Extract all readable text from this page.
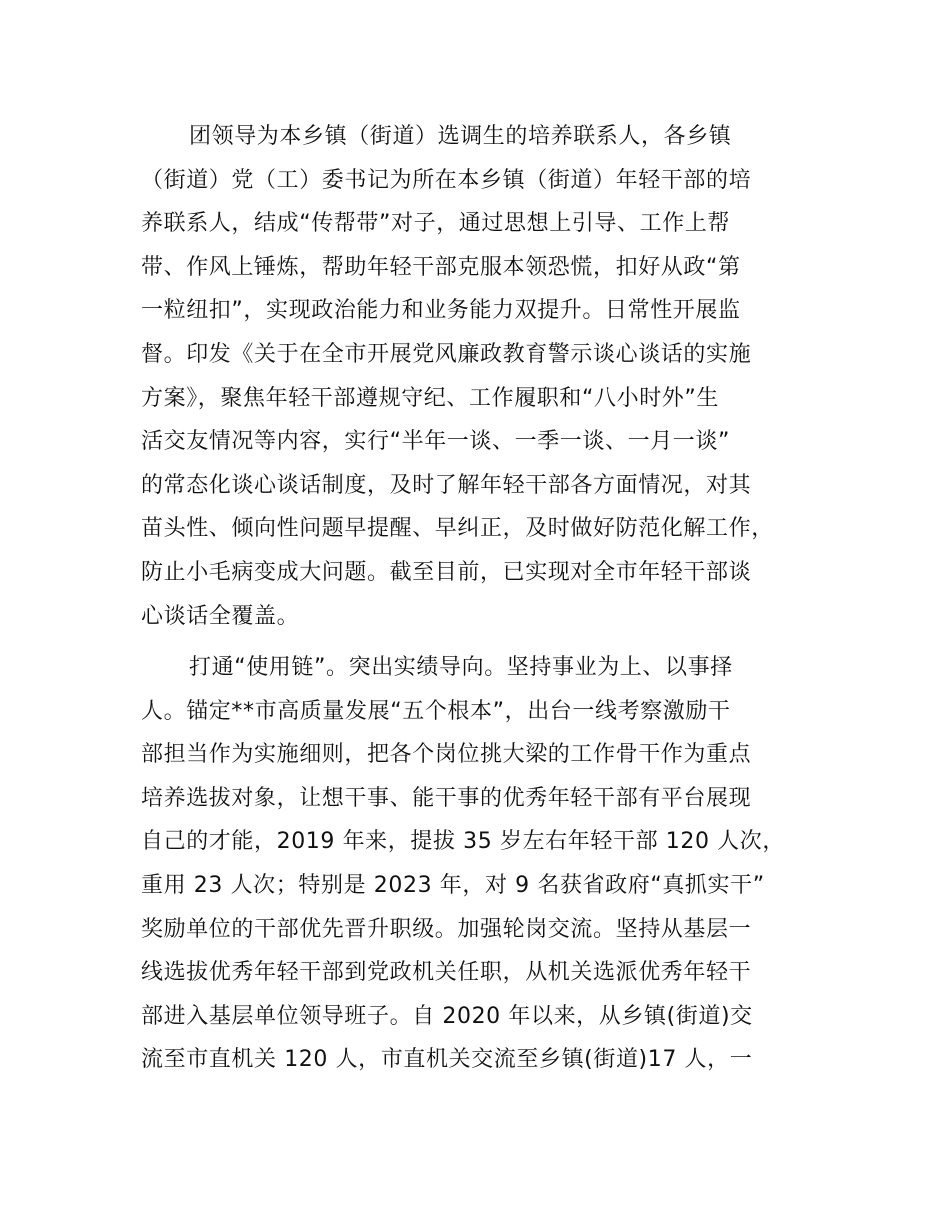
团领导为本乡镇（街道）选调生的培养联系人，各乡镇
（街道）党（工）委书记为所在本乡镇（街道）年轻干部的培
养联系人，结成“传帮带”对子，通过思想上引导、工作上帮
带、作风上锤炼，帮助年轻干部克服本领恐慌，扣好从政“第
一粒纽扣”，实现政治能力和业务能力双提升。日常性开展监
督。印发《关于在全市开展党风廉政教育警示谈心谈话的实施
方案》，聚焦年轻干部遵规守纪、工作履职和“八小时外”生
活交友情况等内容，实行“半年一谈、一季一谈、一月一谈”
的常态化谈心谈话制度，及时了解年轻干部各方面情况，对其
苗头性、倾向性问题早提醒、早纠正，及时做好防范化解工作，
防止小毛病变成大问题。截至目前，已实现对全市年轻干部谈
心谈话全覆盖。
打通“使用链”。突出实绩导向。坚持事业为上、以事择
人。锚定**市高质量发展“五个根本”，出台一线考察激励干
部担当作为实施细则，把各个岗位挑大梁的工作骨干作为重点
培养选拔对象，让想干事、能干事的优秀年轻干部有平台展现
自己的才能，2019 年来，提拔 35 岁左右年轻干部 120 人次，
重用 23 人次；特别是 2023 年，对 9 名获省政府“真抓实干”
奖励单位的干部优先晋升职级。加强轮岗交流。坚持从基层一
线选拔优秀年轻干部到党政机关任职，从机关选派优秀年轻干
部进入基层单位领导班子。自 2020 年以来，从乡镇(街道)交
流至市直机关 120 人，市直机关交流至乡镇(街道)17 人，一
